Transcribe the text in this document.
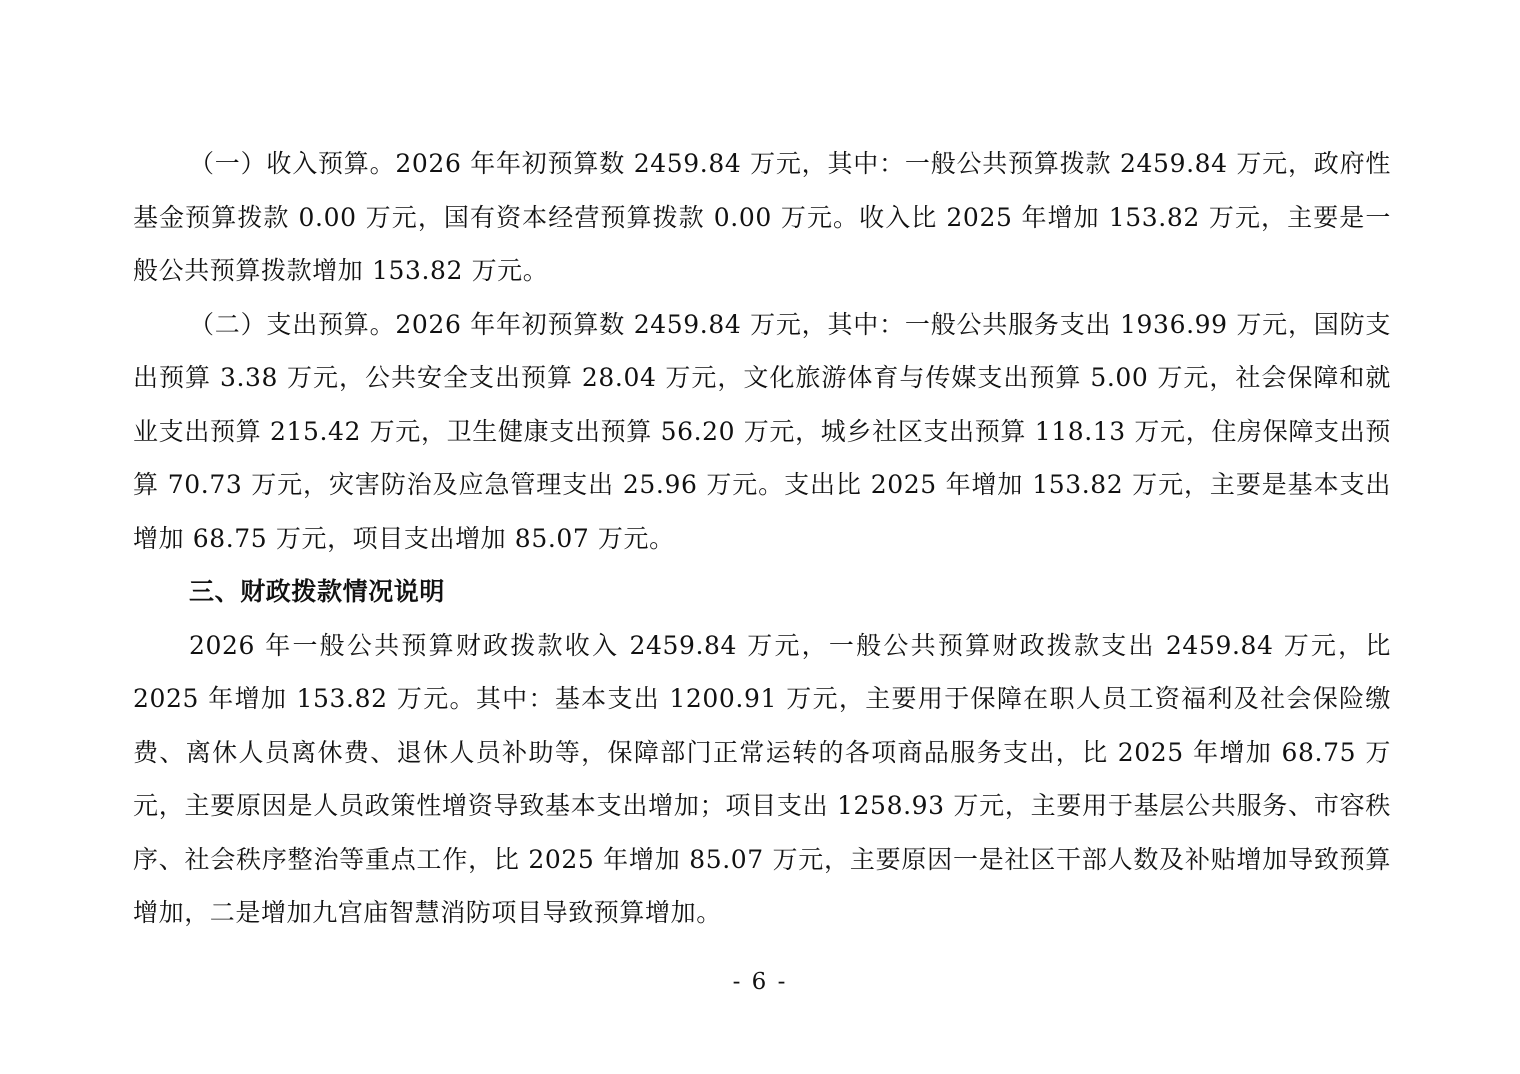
（一）收入预算。2026 年年初预算数 2459.84 万元，其中：一般公共预算拨款 2459.84 万元，政府性基金预算拨款 0.00 万元，国有资本经营预算拨款 0.00 万元。收入比 2025 年增加 153.82 万元，主要是一般公共预算拨款增加 153.82 万元。

（二）支出预算。2026 年年初预算数 2459.84 万元，其中：一般公共服务支出 1936.99 万元，国防支出预算 3.38 万元，公共安全支出预算 28.04 万元，文化旅游体育与传媒支出预算 5.00 万元，社会保障和就业支出预算 215.42 万元，卫生健康支出预算 56.20 万元，城乡社区支出预算 118.13 万元，住房保障支出预算 70.73 万元，灾害防治及应急管理支出 25.96 万元。支出比 2025 年增加 153.82 万元，主要是基本支出增加 68.75 万元，项目支出增加 85.07 万元。

三、财政拨款情况说明

2026 年一般公共预算财政拨款收入 2459.84 万元，一般公共预算财政拨款支出 2459.84 万元，比 2025 年增加 153.82 万元。其中：基本支出 1200.91 万元，主要用于保障在职人员工资福利及社会保险缴费、离休人员离休费、退休人员补助等，保障部门正常运转的各项商品服务支出，比 2025 年增加 68.75 万元，主要原因是人员政策性增资导致基本支出增加；项目支出 1258.93 万元，主要用于基层公共服务、市容秩序、社会秩序整治等重点工作，比 2025 年增加 85.07 万元，主要原因一是社区干部人数及补贴增加导致预算增加，二是增加九宫庙智慧消防项目导致预算增加。

- 6 -
